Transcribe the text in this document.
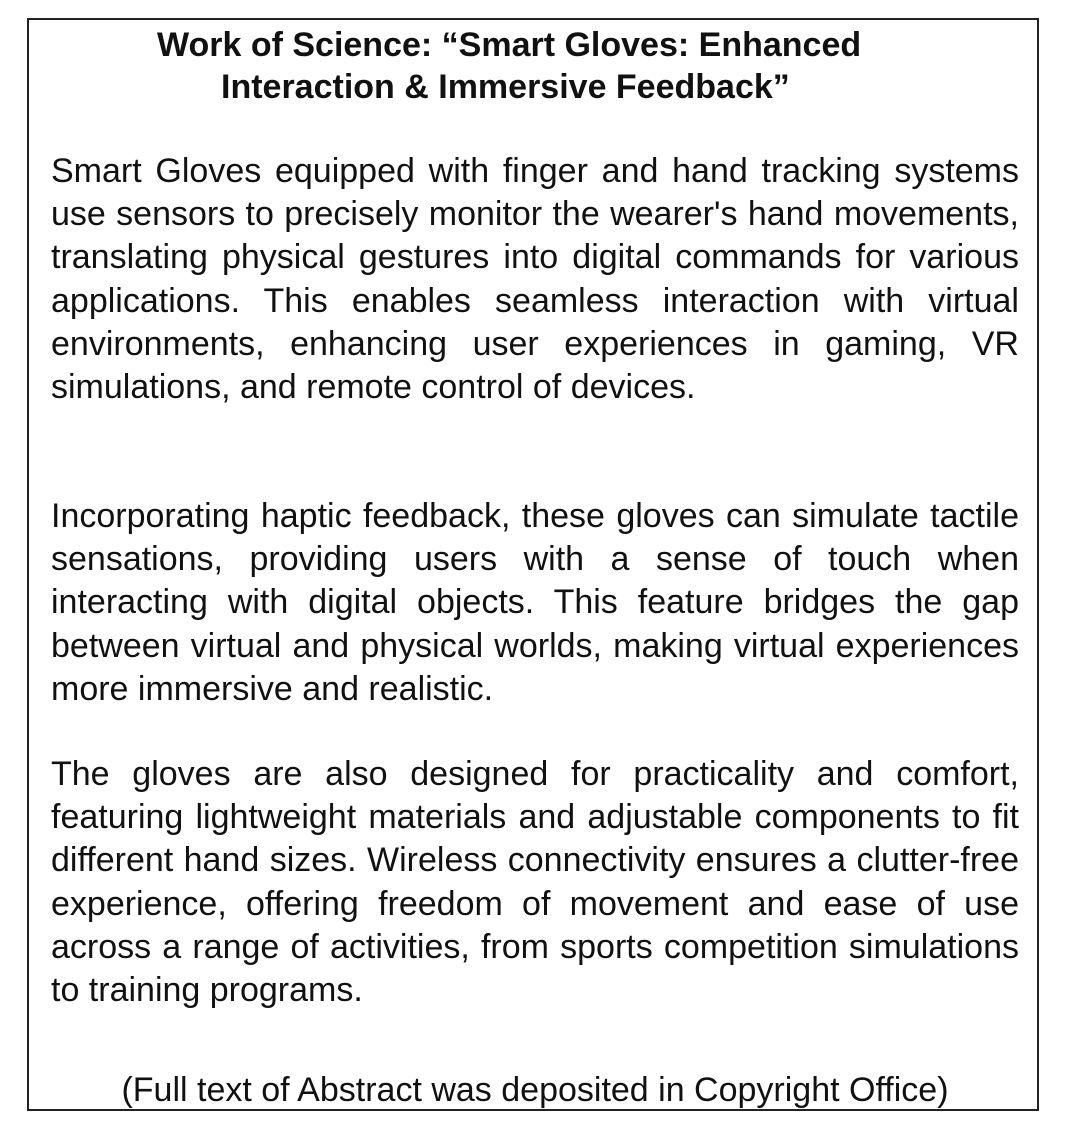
Work of Science: “Smart Gloves: Enhanced
Interaction & Immersive Feedback”

Smart Gloves equipped with finger and hand tracking systems use sensors to precisely monitor the wearer's hand movements, translating physical gestures into digital commands for various applications. This enables seamless interaction with virtual environments, enhancing user experiences in gaming, VR simulations, and remote control of devices.

Incorporating haptic feedback, these gloves can simulate tactile sensations, providing users with a sense of touch when interacting with digital objects. This feature bridges the gap between virtual and physical worlds, making virtual experiences more immersive and realistic.

The gloves are also designed for practicality and comfort, featuring lightweight materials and adjustable components to fit different hand sizes. Wireless connectivity ensures a clutter-free experience, offering freedom of movement and ease of use across a range of activities, from sports competition simulations to training programs.

(Full text of Abstract was deposited in Copyright Office)
